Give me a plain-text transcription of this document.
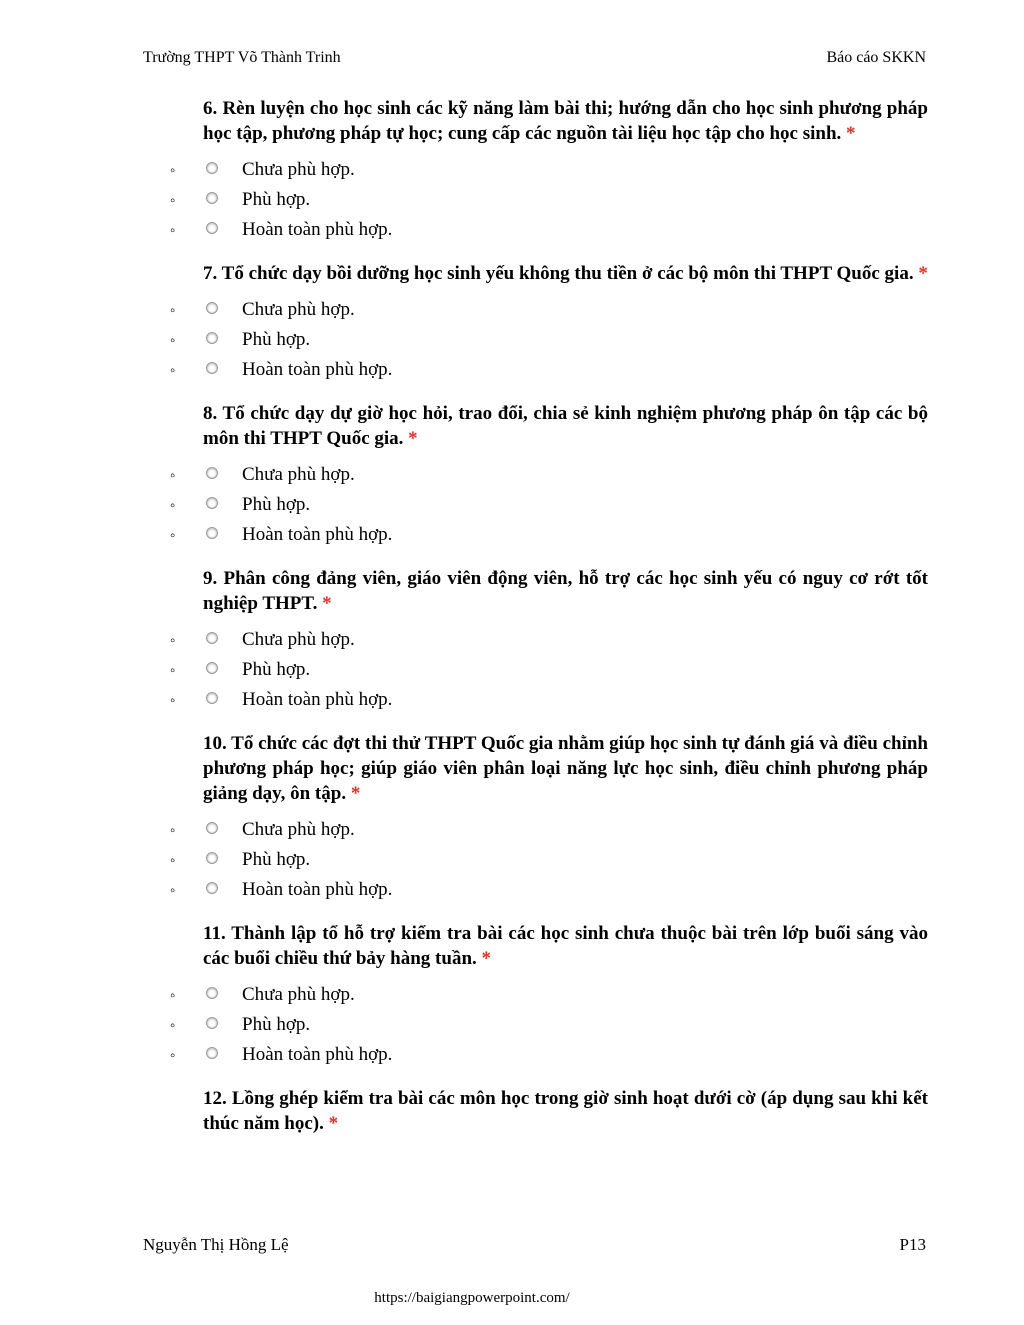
Trường THPT Võ Thành Trinh	Báo cáo SKKN

6. Rèn luyện cho học sinh các kỹ năng làm bài thi; hướng dẫn cho học sinh phương pháp học tập, phương pháp tự học; cung cấp các nguồn tài liệu học tập cho học sinh. *

◦	Chưa phù hợp.
◦	Phù hợp.
◦	Hoàn toàn phù hợp.

7. Tổ chức dạy bồi dưỡng học sinh yếu không thu tiền ở các bộ môn thi THPT Quốc gia. *

◦	Chưa phù hợp.
◦	Phù hợp.
◦	Hoàn toàn phù hợp.

8. Tổ chức dạy dự giờ học hỏi, trao đổi, chia sẻ kinh nghiệm phương pháp ôn tập các bộ môn thi THPT Quốc gia. *

◦	Chưa phù hợp.
◦	Phù hợp.
◦	Hoàn toàn phù hợp.

9. Phân công đảng viên, giáo viên động viên, hỗ trợ các học sinh yếu có nguy cơ rớt tốt nghiệp THPT. *

◦	Chưa phù hợp.
◦	Phù hợp.
◦	Hoàn toàn phù hợp.

10. Tổ chức các đợt thi thử THPT Quốc gia nhằm giúp học sinh tự đánh giá và điều chỉnh phương pháp học; giúp giáo viên phân loại năng lực học sinh, điều chỉnh phương pháp giảng dạy, ôn tập. *

◦	Chưa phù hợp.
◦	Phù hợp.
◦	Hoàn toàn phù hợp.

11. Thành lập tổ hỗ trợ kiểm tra bài các học sinh chưa thuộc bài trên lớp buổi sáng vào các buổi chiều thứ bảy hàng tuần. *

◦	Chưa phù hợp.
◦	Phù hợp.
◦	Hoàn toàn phù hợp.

12. Lồng ghép kiểm tra bài các môn học trong giờ sinh hoạt dưới cờ (áp dụng sau khi kết thúc năm học). *

Nguyễn Thị Hồng Lệ	P13
https://baigiangpowerpoint.com/
